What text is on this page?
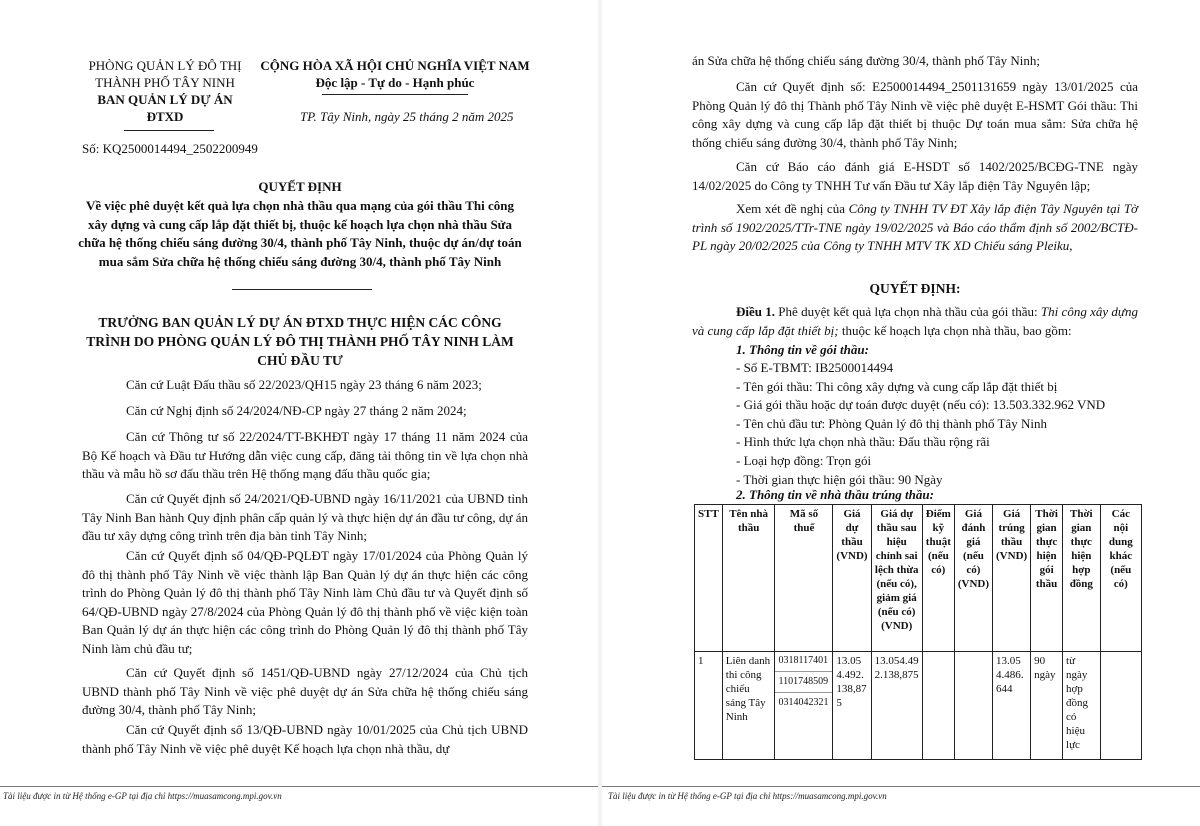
PHÒNG QUẢN LÝ ĐÔ THỊ
THÀNH PHỐ TÂY NINH
BAN QUẢN LÝ DỰ ÁN
ĐTXD
CỘNG HÒA XÃ HỘI CHỦ NGHĨA VIỆT NAM
Độc lập - Tự do - Hạnh phúc
TP. Tây Ninh, ngày 25 tháng 2 năm 2025
Số: KQ2500014494_2502200949
QUYẾT ĐỊNH
Về việc phê duyệt kết quả lựa chọn nhà thầu qua mạng của gói thầu Thi công xây dựng và cung cấp lắp đặt thiết bị, thuộc kế hoạch lựa chọn nhà thầu Sửa chữa hệ thống chiếu sáng đường 30/4, thành phố Tây Ninh, thuộc dự án/dự toán mua sắm Sửa chữa hệ thống chiếu sáng đường 30/4, thành phố Tây Ninh
TRƯỞNG BAN QUẢN LÝ DỰ ÁN ĐTXD THỰC HIỆN CÁC CÔNG TRÌNH DO PHÒNG QUẢN LÝ ĐÔ THỊ THÀNH PHỐ TÂY NINH LÀM CHỦ ĐẦU TƯ

Căn cứ Luật Đấu thầu số 22/2023/QH15 ngày 23 tháng 6 năm 2023;

Căn cứ Nghị định số 24/2024/NĐ-CP ngày 27 tháng 2 năm 2024;

Căn cứ Thông tư số 22/2024/TT-BKHĐT ngày 17 tháng 11 năm 2024 của Bộ Kế hoạch và Đầu tư Hướng dẫn việc cung cấp, đăng tải thông tin về lựa chọn nhà thầu và mẫu hồ sơ đấu thầu trên Hệ thống mạng đấu thầu quốc gia;

Căn cứ Quyết định số 24/2021/QĐ-UBND ngày 16/11/2021 của UBND tỉnh Tây Ninh Ban hành Quy định phân cấp quản lý và thực hiện dự án đầu tư công, dự án đầu tư xây dựng công trình trên địa bàn tỉnh Tây Ninh;

Căn cứ Quyết định số 04/QĐ-PQLĐT ngày 17/01/2024 của Phòng Quản lý đô thị thành phố Tây Ninh về việc thành lập Ban Quản lý dự án thực hiện các công trình do Phòng Quản lý đô thị thành phố Tây Ninh làm Chủ đầu tư và Quyết định số 64/QĐ-UBND ngày 27/8/2024 của Phòng Quản lý đô thị thành phố về việc kiện toàn Ban Quản lý dự án thực hiện các công trình do Phòng Quản lý đô thị thành phố Tây Ninh làm chủ đầu tư;

Căn cứ Quyết định số 1451/QĐ-UBND ngày 27/12/2024 của Chủ tịch UBND thành phố Tây Ninh về việc phê duyệt dự án Sửa chữa hệ thống chiếu sáng đường 30/4, thành phố Tây Ninh;

Căn cứ Quyết định số 13/QĐ-UBND ngày 10/01/2025 của Chủ tịch UBND thành phố Tây Ninh về việc phê duyệt Kế hoạch lựa chọn nhà thầu, dự

Tài liệu được in từ Hệ thống e-GP tại địa chỉ https://muasamcong.mpi.gov.vn

án Sửa chữa hệ thống chiếu sáng đường 30/4, thành phố Tây Ninh;

Căn cứ Quyết định số: E2500014494_2501131659 ngày 13/01/2025 của Phòng Quản lý đô thị Thành phố Tây Ninh về việc phê duyệt E-HSMT Gói thầu: Thi công xây dựng và cung cấp lắp đặt thiết bị thuộc Dự toán mua sắm: Sửa chữa hệ thống chiếu sáng đường 30/4, thành phố Tây Ninh;

Căn cứ Báo cáo đánh giá E-HSDT số 1402/2025/BCĐG-TNE ngày 14/02/2025 do Công ty TNHH Tư vấn Đầu tư Xây lắp điện Tây Nguyên lập;

Xem xét đề nghị của Công ty TNHH TV ĐT Xây lắp điện Tây Nguyên tại Tờ trình số 1902/2025/TTr-TNE ngày 19/02/2025 và Báo cáo thẩm định số 2002/BCTĐ-PL ngày 20/02/2025 của Công ty TNHH MTV TK XD Chiếu sáng Pleiku,

QUYẾT ĐỊNH:

Điều 1. Phê duyệt kết quả lựa chọn nhà thầu của gói thầu: Thi công xây dựng và cung cấp lắp đặt thiết bị; thuộc kế hoạch lựa chọn nhà thầu, bao gồm:

1. Thông tin về gói thầu:
- Số E-TBMT: IB2500014494
- Tên gói thầu: Thi công xây dựng và cung cấp lắp đặt thiết bị
- Giá gói thầu hoặc dự toán được duyệt (nếu có): 13.503.332.962 VND
- Tên chủ đầu tư: Phòng Quản lý đô thị thành phố Tây Ninh
- Hình thức lựa chọn nhà thầu: Đấu thầu rộng rãi
- Loại hợp đồng: Trọn gói
- Thời gian thực hiện gói thầu: 90 Ngày
2. Thông tin về nhà thầu trúng thầu:
STT	Tên nhà thầu	Mã số thuế	Giá dự thầu (VND)	Giá dự thầu sau hiệu chỉnh sai lệch thừa (nếu có), giảm giá (nếu có) (VND)	Điểm kỹ thuật (nếu có)	Giá đánh giá (nếu có) (VND)	Giá trúng thầu (VND)	Thời gian thực hiện gói thầu	Thời gian thực hiện hợp đồng	Các nội dung khác (nếu có)
1	Liên danh thi công chiếu sáng Tây Ninh	0318117401
1101748509
0314042321	13.054.492.138,875	13.054.492.138,875			13.054.486.644	90 ngày	từ ngày hợp đồng có hiệu lực	
Tài liệu được in từ Hệ thống e-GP tại địa chỉ https://muasamcong.mpi.gov.vn
